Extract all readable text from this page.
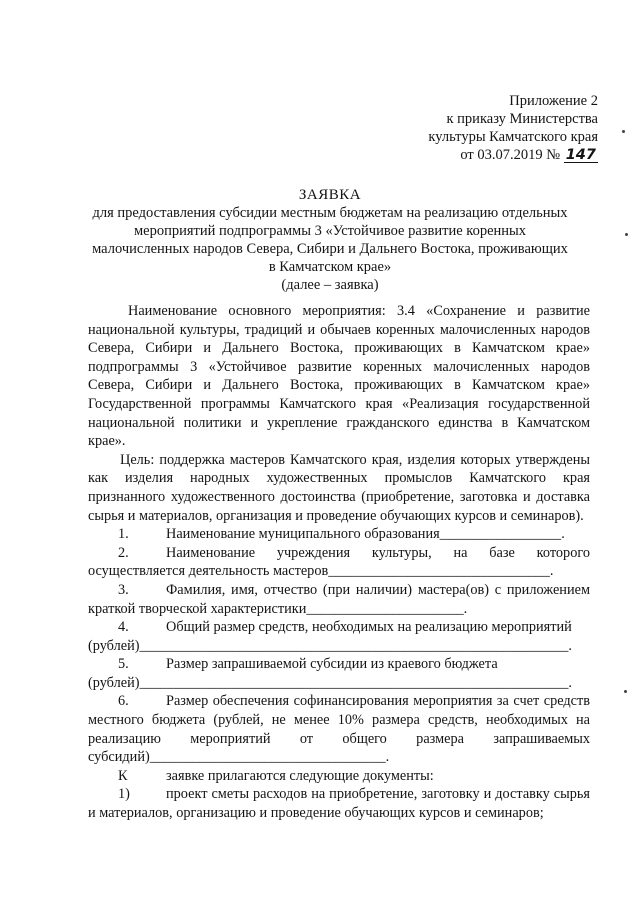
Приложение 2
к приказу Министерства
культуры Камчатского края
от 03.07.2019 № 147
ЗАЯВКА
для предоставления субсидии местным бюджетам на реализацию отдельных
мероприятий подпрограммы 3 «Устойчивое развитие коренных
малочисленных народов Севера, Сибири и Дальнего Востока, проживающих
в Камчатском крае»
(далее – заявка)

Наименование основного мероприятия: 3.4 «Сохранение и развитие национальной культуры, традиций и обычаев коренных малочисленных народов Севера, Сибири и Дальнего Востока, проживающих в Камчатском крае» подпрограммы 3 «Устойчивое развитие коренных малочисленных народов Севера, Сибири и Дальнего Востока, проживающих в Камчатском крае» Государственной программы Камчатского края «Реализация государственной национальной политики и укрепление гражданского единства в Камчатском крае».

Цель: поддержка мастеров Камчатского края, изделия которых утверждены как изделия народных художественных промыслов Камчатского края признанного художественного достоинства (приобретение, заготовка и доставка сырья и материалов, организация и проведение обучающих курсов и семинаров).

1.	Наименование муниципального образования_________________.

2.	Наименование учреждения культуры, на базе которого осуществляется деятельность мастеров_______________________________.

3.	Фамилия, имя, отчество (при наличии) мастера(ов) с приложением краткой творческой характеристики______________________.

4.	Общий размер средств, необходимых на реализацию мероприятий
(рублей)____________________________________________________________.

5.	Размер запрашиваемой субсидии из краевого бюджета
(рублей)____________________________________________________________.

6.	Размер обеспечения софинансирования мероприятия за счет средств местного бюджета (рублей, не менее 10% размера средств, необходимых на реализацию мероприятий от общего размера запрашиваемых субсидий)_________________________________.

К	заявке прилагаются следующие документы:

1)	проект сметы расходов на приобретение, заготовку и доставку сырья и материалов, организацию и проведение обучающих курсов и семинаров;
